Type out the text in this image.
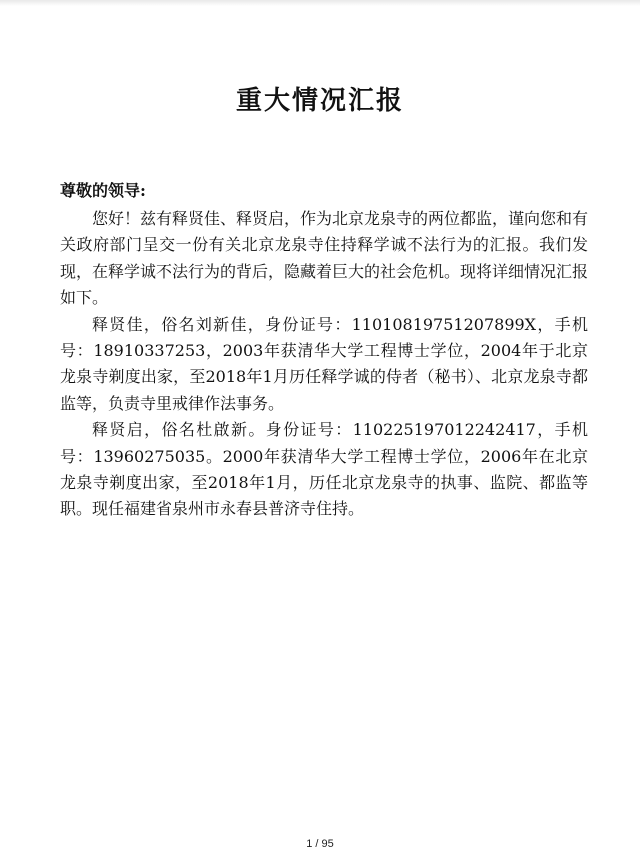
重大情况汇报
尊敬的领导:

您好！兹有释贤佳、释贤启，作为北京龙泉寺的两位都监，谨向您和有关政府部门呈交一份有关北京龙泉寺住持释学诚不法行为的汇报。我们发现，在释学诚不法行为的背后，隐藏着巨大的社会危机。现将详细情况汇报如下。

释贤佳，俗名刘新佳，身份证号：11010819751207899X，手机号：18910337253，2003年获清华大学工程博士学位，2004年于北京龙泉寺剃度出家，至2018年1月历任释学诚的侍者（秘书）、北京龙泉寺都监等，负责寺里戒律作法事务。

释贤启，俗名杜啟新。身份证号：110225197012242417，手机号：13960275035。2000年获清华大学工程博士学位，2006年在北京龙泉寺剃度出家，至2018年1月，历任北京龙泉寺的执事、监院、都监等职。现任福建省泉州市永春县普济寺住持。

1 / 95
